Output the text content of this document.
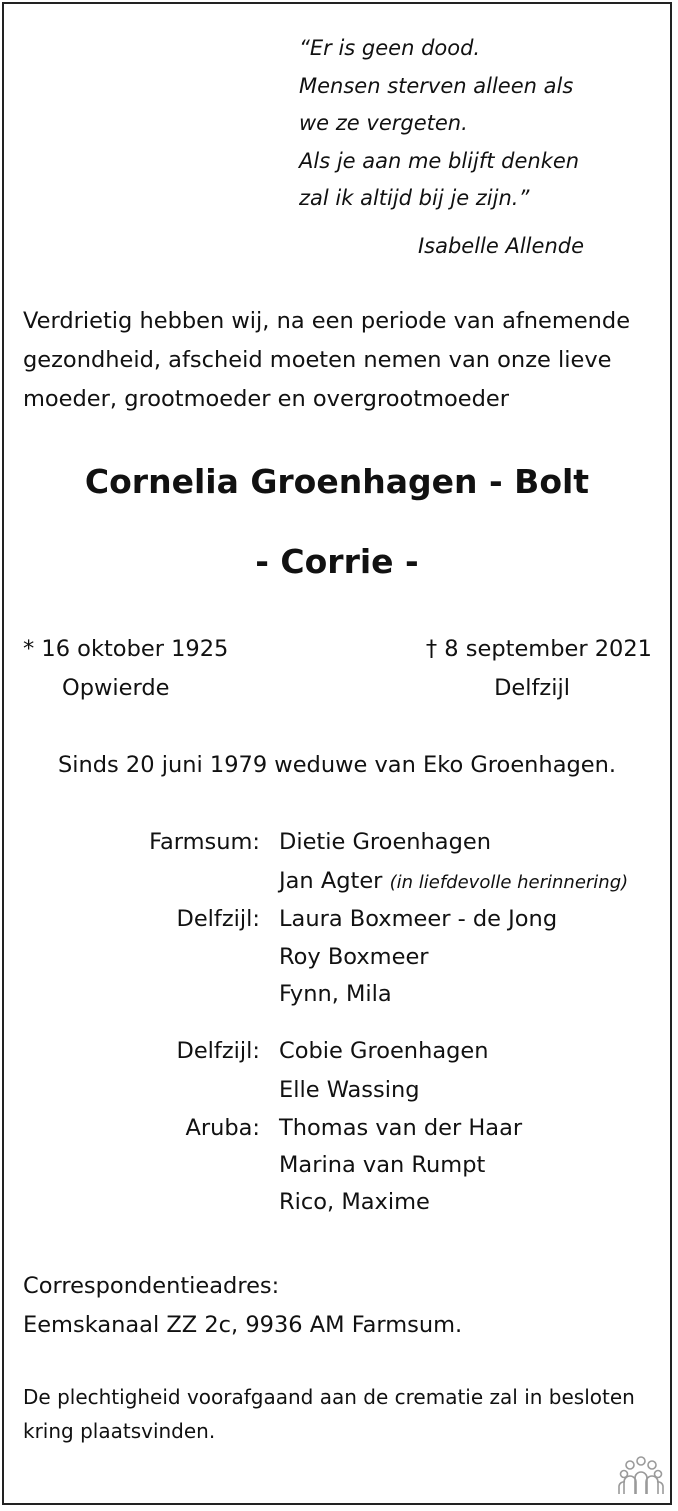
“Er is geen dood.
Mensen sterven alleen als
we ze vergeten.
Als je aan me blijft denken
zal ik altijd bij je zijn.”
Isabelle Allende
Verdrietig hebben wij, na een periode van afnemende
gezondheid, afscheid moeten nemen van onze lieve
moeder, grootmoeder en overgrootmoeder
Cornelia Groenhagen - Bolt
- Corrie -
* 16 oktober 1925
Opwierde
† 8 september 2021
Delfzijl
Sinds 20 juni 1979 weduwe van Eko Groenhagen.
Farmsum: Dietie Groenhagen
Jan Agter (in liefdevolle herinnering)
Delfzijl: Laura Boxmeer - de Jong
Roy Boxmeer
Fynn, Mila
Delfzijl: Cobie Groenhagen
Elle Wassing
Aruba: Thomas van der Haar
Marina van Rumpt
Rico, Maxime
Correspondentieadres:
Eemskanaal ZZ 2c, 9936 AM Farmsum.
De plechtigheid voorafgaand aan de crematie zal in besloten
kring plaatsvinden.
